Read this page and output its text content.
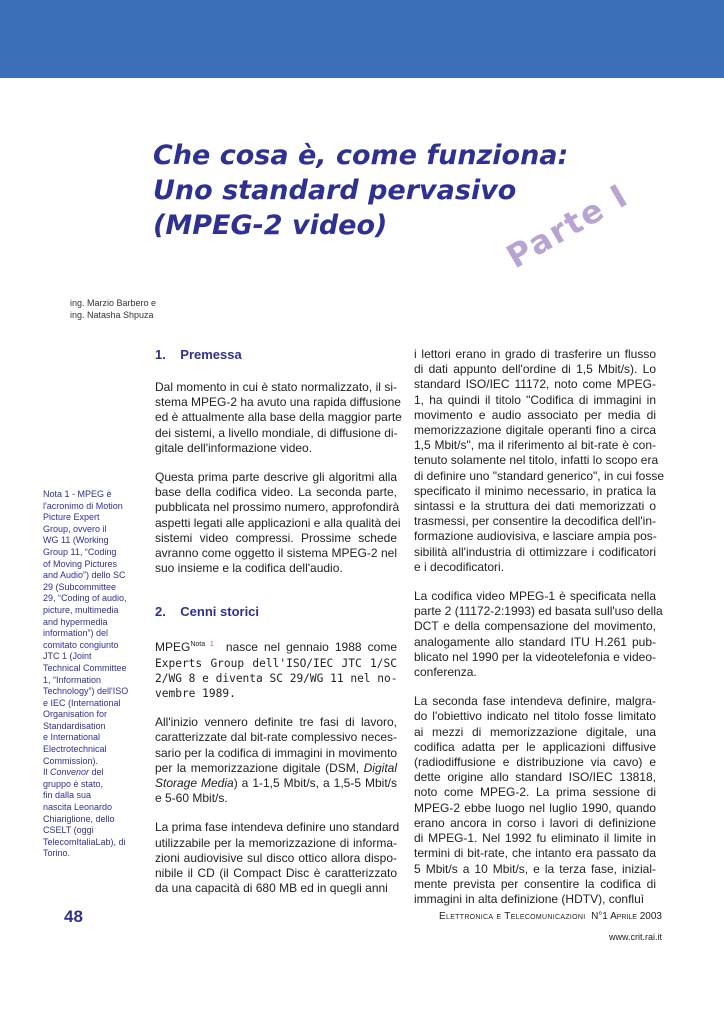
Che cosa è, come funziona:
Uno standard pervasivo
(MPEG-2 video)	Parte I
ing. Marzio Barbero e
ing. Natasha Shpuza
Nota 1 - MPEG è
l'acronimo di Motion
Picture Expert
Group, ovvero il
WG 11 (Working
Group 11, “Coding
of Moving Pictures
and Audio”) dello SC
29 (Subcommittee
29, “Coding of audio,
picture, multimedia
and hypermedia
information”) del
comitato congiunto
JTC 1 (Joint
Technical Committee
1, “Information
Technology”) dell'ISO
e IEC (International
Organisation for
Standardisation
e International
Electrotechnical
Commission).
Il Convenor del
gruppo è stato,
fin dalla sua
nascita Leonardo
Chiariglione, dello
CSELT (oggi
TelecomItaliaLab), di
Torino.
1.    Premessa
Dal momento in cui è stato normalizzato, il si-
stema MPEG-2 ha avuto una rapida diffusione
ed è attualmente alla base della maggior parte
dei sistemi, a livello mondiale, di diffusione di-
gitale dell'informazione video.
Questa prima parte descrive gli algoritmi alla
base della codifica video. La seconda parte,
pubblicata nel prossimo numero, approfondirà
aspetti legati alle applicazioni e alla qualità dei
sistemi video compressi. Prossime schede
avranno come oggetto il sistema MPEG-2 nel
suo insieme e la codifica dell'audio.
2.    Cenni storici
$MPEG^{Nota 1}$  nasce nel gennaio 1988 come
Experts Group dell'ISO/IEC JTC 1/SC
2/WG 8 e diventa SC 29/WG 11 nel no-
vembre 1989.
All'inizio vennero definite tre fasi di lavoro,
caratterizzate dal bit-rate complessivo neces-
sario per la codifica di immagini in movimento
per la memorizzazione digitale (DSM, Digital
Storage Media) a 1-1,5 Mbit/s, a 1,5-5 Mbit/s
e 5-60 Mbit/s.
La prima fase intendeva definire uno standard
utilizzabile per la memorizzazione di informa-
zioni audiovisive sul disco ottico allora dispo-
nibile il CD (il Compact Disc è caratterizzato
da una capacità di 680 MB ed in quegli anni
i lettori erano in grado di trasferire un flusso
di dati appunto dell'ordine di 1,5 Mbit/s). Lo
standard ISO/IEC 11172, noto come MPEG-
1, ha quindi il titolo "Codifica di immagini in
movimento e audio associato per media di
memorizzazione digitale operanti fino a circa
1,5 Mbit/s", ma il riferimento al bit-rate è con-
tenuto solamente nel titolo, infatti lo scopo era
di definire uno "standard generico", in cui fosse
specificato il minimo necessario, in pratica la
sintassi e la struttura dei dati memorizzati o
trasmessi, per consentire la decodifica dell'in-
formazione audiovisiva, e lasciare ampia pos-
sibilità all'industria di ottimizzare i codificatori
e i decodificatori.
La codifica video MPEG-1 è specificata nella
parte 2 (11172-2:1993) ed basata sull'uso della
DCT e della compensazione del movimento,
analogamente allo standard ITU H.261 pub-
blicato nel 1990 per la videotelefonia e video-
conferenza.
La seconda fase intendeva definire, malgra-
do l'obiettivo indicato nel titolo fosse limitato
ai mezzi di memorizzazione digitale, una
codifica adatta per le applicazioni diffusive
(radiodiffusione e distribuzione via cavo) e
dette origine allo standard ISO/IEC 13818,
noto come MPEG-2. La prima sessione di
MPEG-2 ebbe luogo nel luglio 1990, quando
erano ancora in corso i lavori di definizione
di MPEG-1. Nel 1992 fu eliminato il limite in
termini di bit-rate, che intanto era passato da
5 Mbit/s a 10 Mbit/s, e la terza fase, inizial-
mente prevista per consentire la codifica di
immagini in alta definizione (HDTV), confluì
48	Elettronica e Telecomunicazioni N°1 Aprile 2003
www.crit.rai.it
